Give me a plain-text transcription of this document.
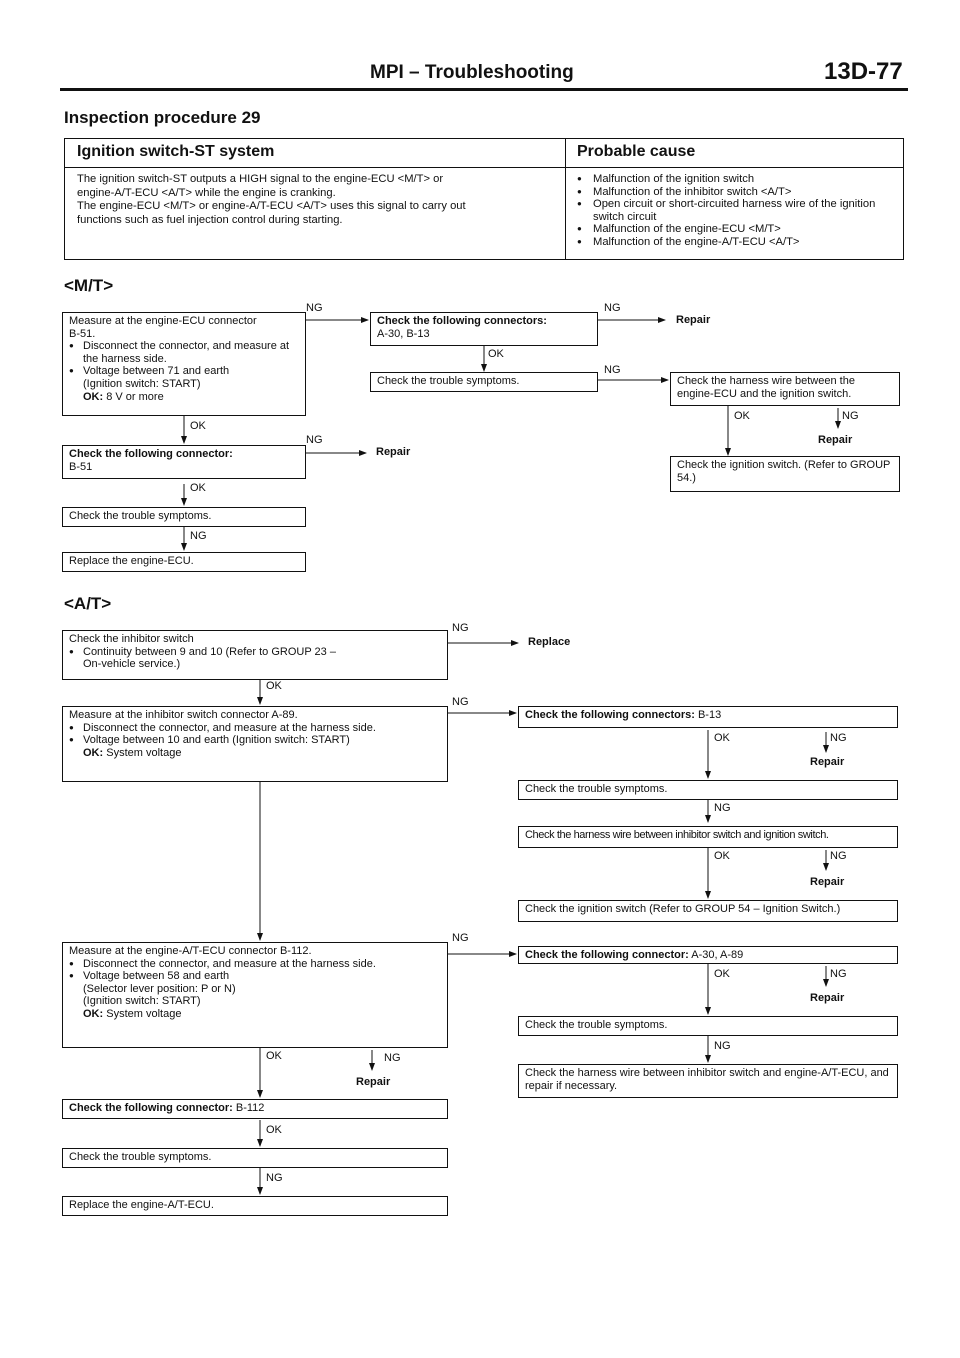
MPI – Troubleshooting	13D-77
Inspection procedure 29
Ignition switch-ST system	Probable cause
The ignition switch-ST outputs a HIGH signal to the engine-ECU <M/T> or
engine-A/T-ECU <A/T> while the engine is cranking.
The engine-ECU <M/T> or engine-A/T-ECU <A/T> uses this signal to carry out
functions such as fuel injection control during starting.
● Malfunction of the ignition switch
● Malfunction of the inhibitor switch <A/T>
● Open circuit or short-circuited harness wire of the ignition switch circuit
● Malfunction of the engine-ECU <M/T>
● Malfunction of the engine-A/T-ECU <A/T>
<M/T>
Measure at the engine-ECU connector
B-51.
● Disconnect the connector, and measure at the harness side.
● Voltage between 71 and earth
(Ignition switch: START)
OK: 8 V or more
NG
Check the following connectors:
A-30, B-13
NG
Repair
OK
Check the trouble symptoms.
NG
Check the harness wire between the engine-ECU and the ignition switch.
OK	NG
Repair
OK
Check the following connector:
B-51
NG
Repair
Check the ignition switch. (Refer to GROUP 54.)
OK
Check the trouble symptoms.
NG
Replace the engine-ECU.
<A/T>
Check the inhibitor switch
● Continuity between 9 and 10 (Refer to GROUP 23 –
On-vehicle service.)
NG
Replace
OK
Measure at the inhibitor switch connector A-89.
● Disconnect the connector, and measure at the harness side.
● Voltage between 10 and earth (Ignition switch: START)
OK: System voltage
NG
Check the following connectors: B-13
OK	NG
Repair
Check the trouble symptoms.
NG
Check the harness wire between inhibitor switch and ignition switch.
OK	NG
Repair
Check the ignition switch (Refer to GROUP 54 – Ignition Switch.)
Measure at the engine-A/T-ECU connector B-112.
● Disconnect the connector, and measure at the harness side.
● Voltage between 58 and earth
(Selector lever position: P or N)
(Ignition switch: START)
OK: System voltage
NG
Check the following connector: A-30, A-89
OK	NG
Repair
Check the trouble symptoms.
NG
Check the harness wire between inhibitor switch and engine-A/T-ECU, and repair if necessary.
OK	NG
Repair
Check the following connector: B-112
OK
Check the trouble symptoms.
NG
Replace the engine-A/T-ECU.
